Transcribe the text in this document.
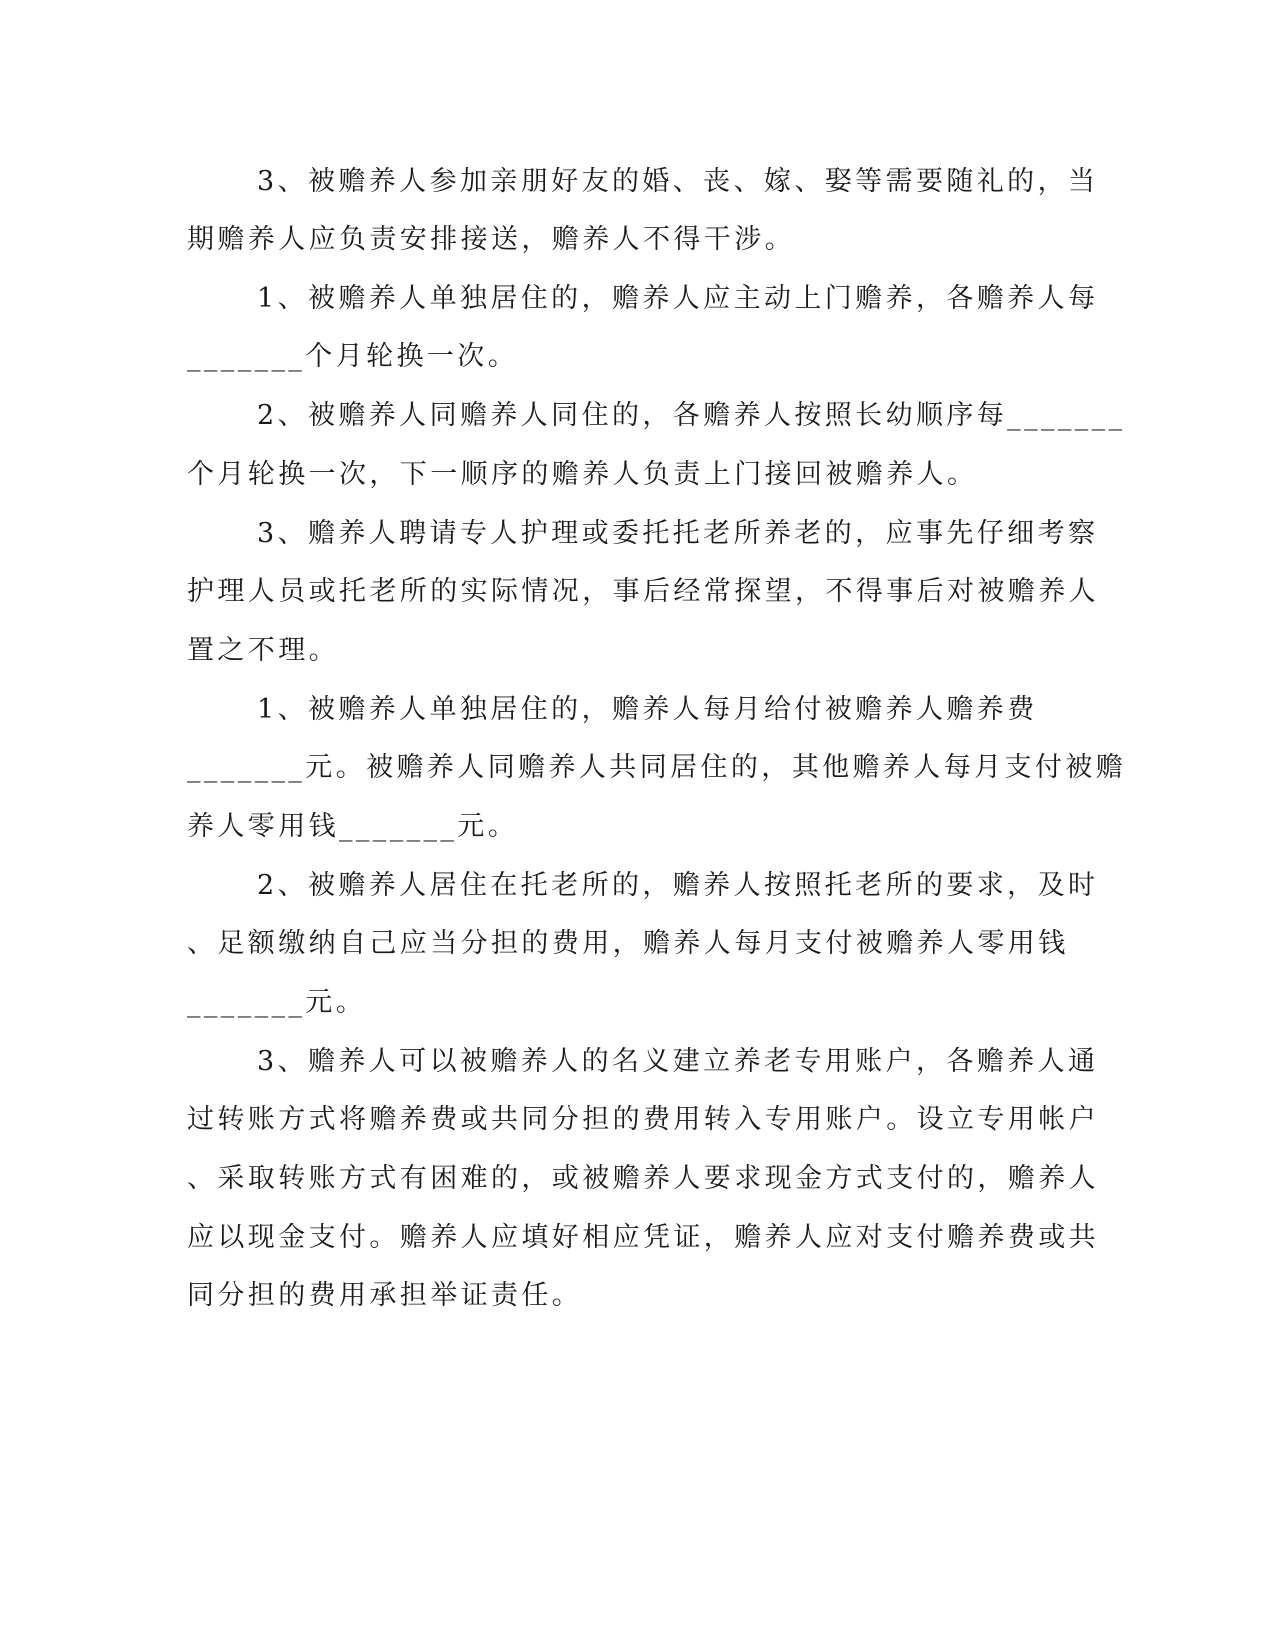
3、被赡养人参加亲朋好友的婚、丧、嫁、娶等需要随礼的，当
期赡养人应负责安排接送，赡养人不得干涉。
1、被赡养人单独居住的，赡养人应主动上门赡养，各赡养人每
_______个月轮换一次。
2、被赡养人同赡养人同住的，各赡养人按照长幼顺序每_______
个月轮换一次，下一顺序的赡养人负责上门接回被赡养人。
3、赡养人聘请专人护理或委托托老所养老的，应事先仔细考察
护理人员或托老所的实际情况，事后经常探望，不得事后对被赡养人
置之不理。
1、被赡养人单独居住的，赡养人每月给付被赡养人赡养费
_______元。被赡养人同赡养人共同居住的，其他赡养人每月支付被赡
养人零用钱_______元。
2、被赡养人居住在托老所的，赡养人按照托老所的要求，及时
、足额缴纳自己应当分担的费用，赡养人每月支付被赡养人零用钱
_______元。
3、赡养人可以被赡养人的名义建立养老专用账户，各赡养人通
过转账方式将赡养费或共同分担的费用转入专用账户。设立专用帐户
、采取转账方式有困难的，或被赡养人要求现金方式支付的，赡养人
应以现金支付。赡养人应填好相应凭证，赡养人应对支付赡养费或共
同分担的费用承担举证责任。
